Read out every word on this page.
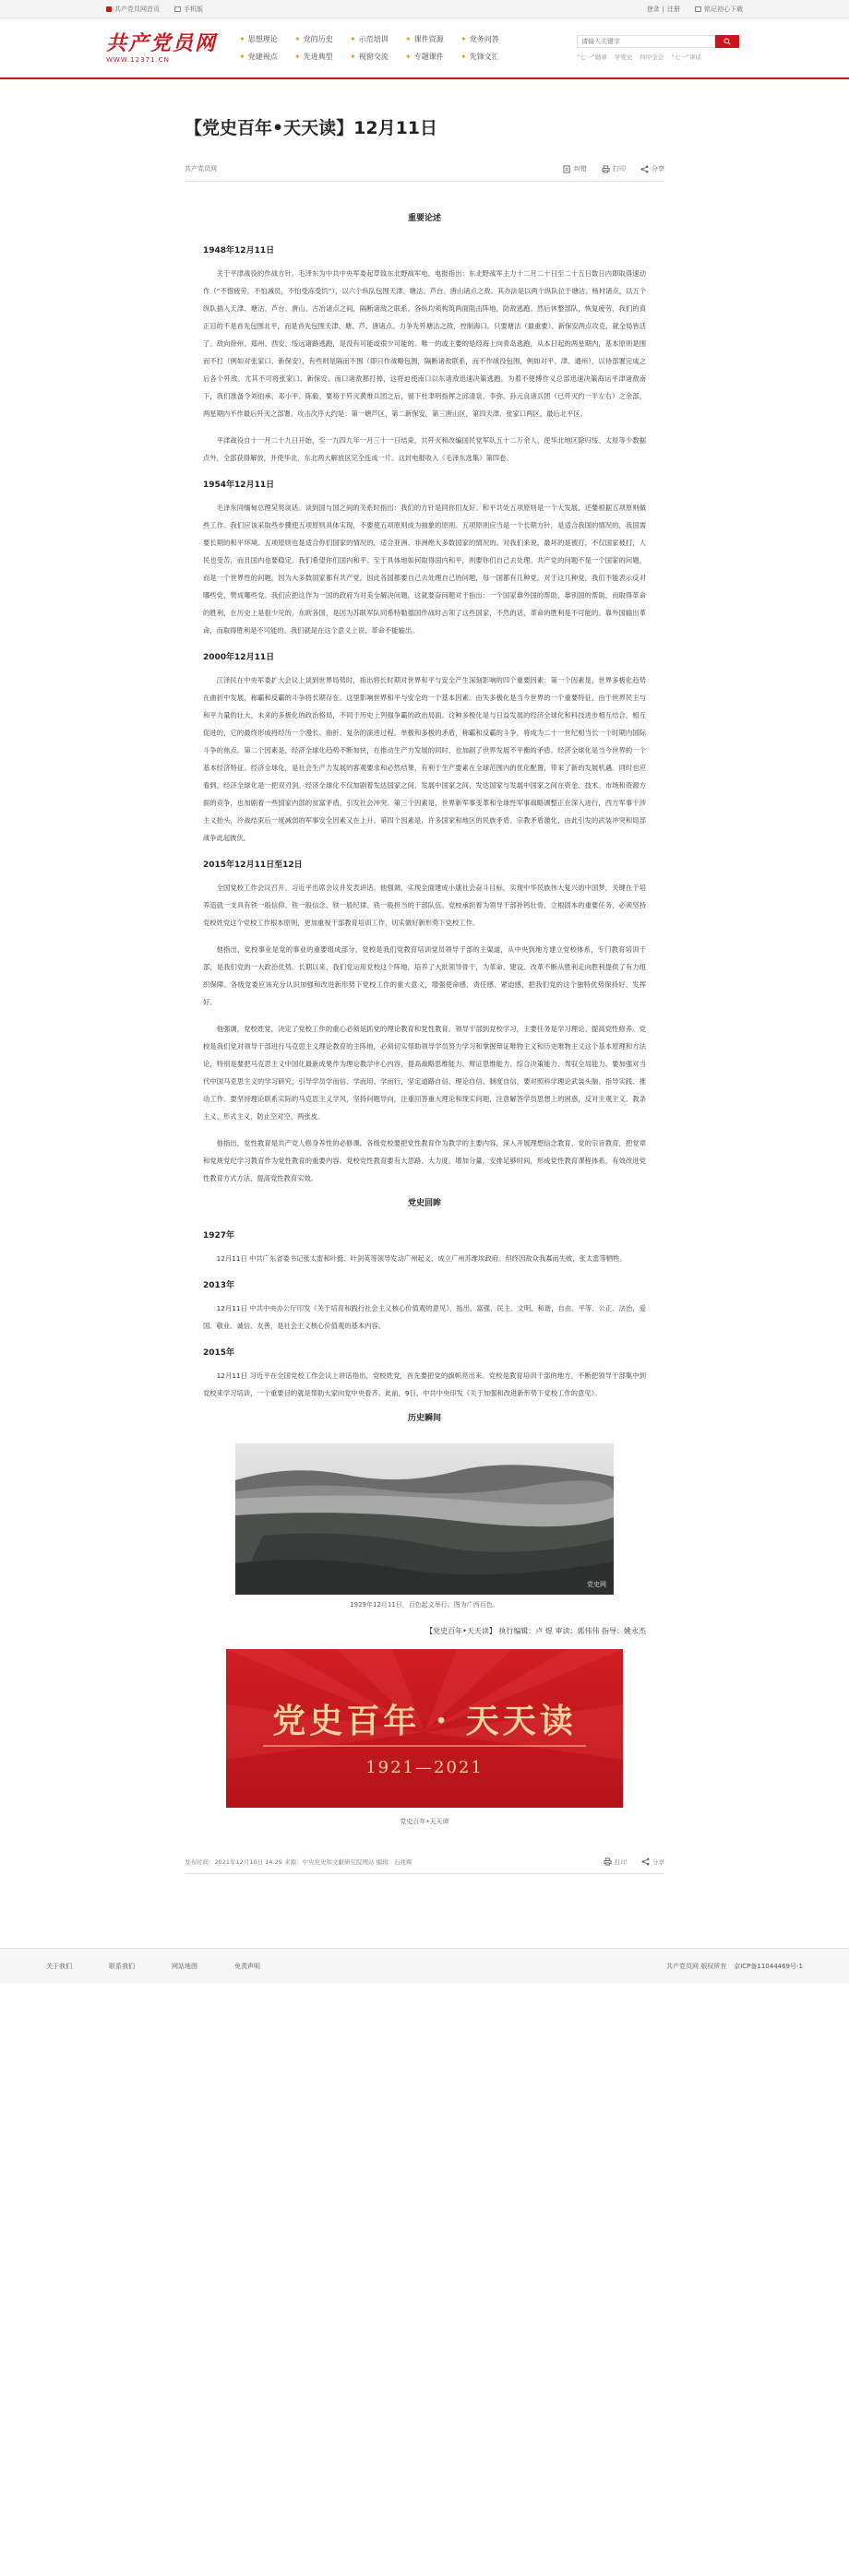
共产党员网首页	手机版	登录 | 注册	铭记初心下载
共产党员网
WWW.12371.CN
✦ 思想理论 ✦ 党的历史 ✦ 示范培训 ✦ 课件资源 ✦ 党务问答
✦ 党建视点 ✦ 先进典型 ✦ 视窗交流 ✦ 专题课件 ✦ 先锋文汇
请输入关键字	“七一”勋章 学党史 四中全会 “七一”讲话
【党史百年•天天读】12月11日
共产党员网	纠错	打印	分享
重要论述
1948年12月11日

关于平津战役的作战方针，毛泽东为中共中央军委起草致东北野战军电。电报指出：东北野战军主力十二月二十日至二十五日数日内即取得速动作（“不惜疲劳，不怕减员，不怕受冻受饥”），以六个纵队包围天津、塘沽、芦台、唐山诸点之敌。其办法是以两个纵队位于塘沽、杨村诸点，以五个纵队插入天津、塘沽、芦台、唐山、古冶诸点之间，隔断诸敌之联系。各纵均须构筑两面阻击阵地，防敌逃跑。然后休整部队，恢复疲劳，我们的真正目的不是首先包围北平，而是首先包围天津、塘、芦、唐诸点。力争先歼塘沽之敌，控制海口。只要塘沽（最重要）、新保安两点攻克，就全局皆活了。敌向徐州、郑州、西安、绥远诸路逃跑，是没有可能或很少可能的。唯一的或主要的是经海上向青岛逃跑，从本日起的两星期内，基本原则是围而不打（例如对张家口、新保安），有些则是隔而不围（即只作战略包围，隔断诸敌联系，而不作战役包围，例如对平、津、通州），以待部署完成之后各个歼敌。尤其不可将张家口、新保安、南口诸敌都打掉，这将迫使南口以东诸敌迅速决策逃跑。为着不使傅作义总部迅速决策海运平津诸敌南下，我们准备令刘伯承、邓小平、陈毅、粟裕于歼灭黄维兵团之后，留下杜聿明指挥之邱清泉、李弥、孙元良诸兵团（已歼灭约一半左右）之余部，两星期内不作最后歼灭之部署。攻击次序大约是：第一塘芦区，第二新保安，第三唐山区，第四天津、张家口两区，最后北平区。

平津战役自十一月二十九日开始，至一九四九年一月三十一日结束，共歼灭和改编国民党军队五十二万余人，使华北地区除归绥、太原等少数据点外，全部获得解放，并使华北、东北两大解放区完全连成一片。这封电报收入《毛泽东选集》第四卷。

1954年12月11日

毛泽东同缅甸总理吴努谈话。谈到国与国之间的关系时指出：我们的方针是同你们友好。和平共处五项原则是一个大发展，还要根据五项原则做些工作。我们应该采取些步骤使五项原则具体实现，不要使五项原则成为抽象的原则。五项原则应当是一个长期方针，是适合我国的情况的，我国需要长期的和平环境。五项原则也是适合你们国家的情况的，适合亚洲、非洲绝大多数国家的情况的。对我们来说，最坏的是被打，不仅国家被打，人民也受苦，而且国内也要稳定。我们希望你们国内和平。至于具体地如何取得国内和平，则要你们自己去处理。共产党的问题不是一个国家的问题，而是一个世界性的问题，因为大多数国家都有共产党。因此各国都要自己去处理自己的问题，每一国都有几种党。对于这几种党，我们不能表示反对哪些党，赞成哪些党。我们应把这作为一国的政府为对美全解决问题，这就要奋问题对于指出：一个国家靠外国的帮助，靠别国的帮助，而取得革命的胜利，在历史上是很少见的。东欧各国，是因为苏联军队同希特勒德国作战时占领了这些国家，不然的话，革命的胜利是不可能的。靠外国输出革命，而取得胜利是不可能的。我们就是在这个意义上说，革命不能输出。

2000年12月11日

江泽民在中央军委扩大会议上谈到世界局势时，指出将长时期对世界和平与安全产生深刻影响的四个重要因素：第一个因素是，世界多极化趋势在曲折中发展，称霸和反霸的斗争将长期存在。这里影响世界和平与安全的一个基本因素。由失多极化是当今世界的一个重要特征，由于世界民主与和平力量的壮大，未来的多极化的政治格局，不同于历史上列强争霸的政治局面。这种多极化是与日益发展的经济全球化和科技进步相互结合，相互促进的，它的最终形成将经历一个漫长、曲折、复杂的演进过程。单极和多极的矛盾，称霸和反霸的斗争，将成为二十一世纪相当长一个时期内国际斗争的焦点。第二个因素是，经济全球化趋势不断加快，在推动生产力发展的同时，也加剧了世界发展不平衡的矛盾。经济全球化是当今世界的一个基本经济特征。经济全球化，是社会生产力发展的客观要求和必然结果，有利于生产要素在全球范围内的优化配置，带来了新的发展机遇。同时也应看到，经济全球化是一把双刃剑。经济全球化不仅加剧着发达国家之间、发展中国家之间、发达国家与发展中国家之间在资金、技术、市场和资源方面的竞争，也加剧着一些国家内部的贫富矛盾，引发社会冲突。第三个因素是，世界新军事变革和全球性军事战略调整正在深入进行，西方军事干涉主义抬头，冷战结束后一度减弱的军事安全因素又在上升。第四个因素是，许多国家和地区的民族矛盾、宗教矛盾激化，由此引发的武装冲突和局部战争此起彼伏。

2015年12月11日至12日

全国党校工作会议召开。习近平出席会议并发表讲话。他强调，实现全面建成小康社会奋斗目标，实现中华民族伟大复兴的中国梦，关键在于培养造就一支具有铁一般信仰、铁一般信念、铁一般纪律、铁一般担当的干部队伍。党校承担着为领导干部补钙壮骨、立根固本的重要任务，必须坚持党校姓党这个党校工作根本原则，更加重视干部教育培训工作，切实做好新形势下党校工作。

他指出，党校事业是党的事业的重要组成部分，党校是我们党教育培训党员领导干部的主渠道，从中央到地方建立党校体系，专门教育培训干部，是我们党的一大政治优势。长期以来，我们党运用党校这个阵地，培养了大批领导骨干，为革命、建设、改革不断从胜利走向胜利提供了有力组织保障。各级党委应该充分认识加强和改进新形势下党校工作的重大意义，增强使命感、责任感、紧迫感，把我们党的这个独特优势保持好、发挥好。

他强调，党校姓党，决定了党校工作的重心必须是抓党的理论教育和党性教育。领导干部到党校学习，主要任务是学习理论、提高党性修养。党校是我们党对领导干部进行马克思主义理论教育的主阵地，必须切实帮助领导学员努力学习和掌握辩证唯物主义和历史唯物主义这个基本原理和方法论，特别是要把马克思主义中国化最新成果作为理论教学中心内容，提高战略思维能力、辩证思维能力、综合决策能力、驾驭全局能力。要加强对当代中国马克思主义的学习研究，引导学员学而信、学而用、学而行，坚定道路自信、理论自信、制度自信，要对照科学理论武装头脑、指导实践、推动工作。要坚持理论联系实际的马克思主义学风，坚持问题导向，注重回答重大理论和现实问题，注意解答学员思想上的困惑，反对主观主义、教条主义、形式主义，防止空对空、两张皮。

他指出，党性教育是共产党人修身养性的必修课。各级党校要把党性教育作为教学的主要内容，深入开展理想信念教育、党的宗旨教育，把党章和党规党纪学习教育作为党性教育的重要内容。党校党性教育要有大思路、大力度、增加分量，安排足够时间，形成党性教育课程体系，有效改进党性教育方式方法，提高党性教育实效。

党史回眸
1927年

12月11日 中共广东省委书记张太雷和叶挺、叶剑英等领导发动广州起义，成立广州苏维埃政府。但终因敌众我寡而失败，张太雷等牺牲。

2013年

12月11日 中共中央办公厅印发《关于培育和践行社会主义核心价值观的意见》，指出，富强、民主、文明、和谐，自由、平等、公正、法治，爱国、敬业、诚信、友善，是社会主义核心价值观的基本内容。

2015年

12月11日 习近平在全国党校工作会议上讲话指出，党校姓党，首先要把党的旗帜亮出来。党校是教育培训干部的地方，不断把领导干部集中到党校来学习培训，一个重要目的就是帮助大家向党中央看齐。此前，9日，中共中央印发《关于加强和改进新形势下党校工作的意见》。

历史瞬间
党史网
1929年12月11日，百色起义举行。图为广西百色。
【党史百年•天天读】 执行编辑：卢 煜 审读：郭伟伟 指导：姚永杰
党史百年 · 天天读
1921—2021
党史百年•天天读
发布时间：2021年12月10日 14:29 来源：中央党史和文献研究院网站 编辑：石兆辉	打印	分享
关于我们	联系我们	网站地图	免责声明	共产党员网 版权所有 京ICP备11044469号-1
